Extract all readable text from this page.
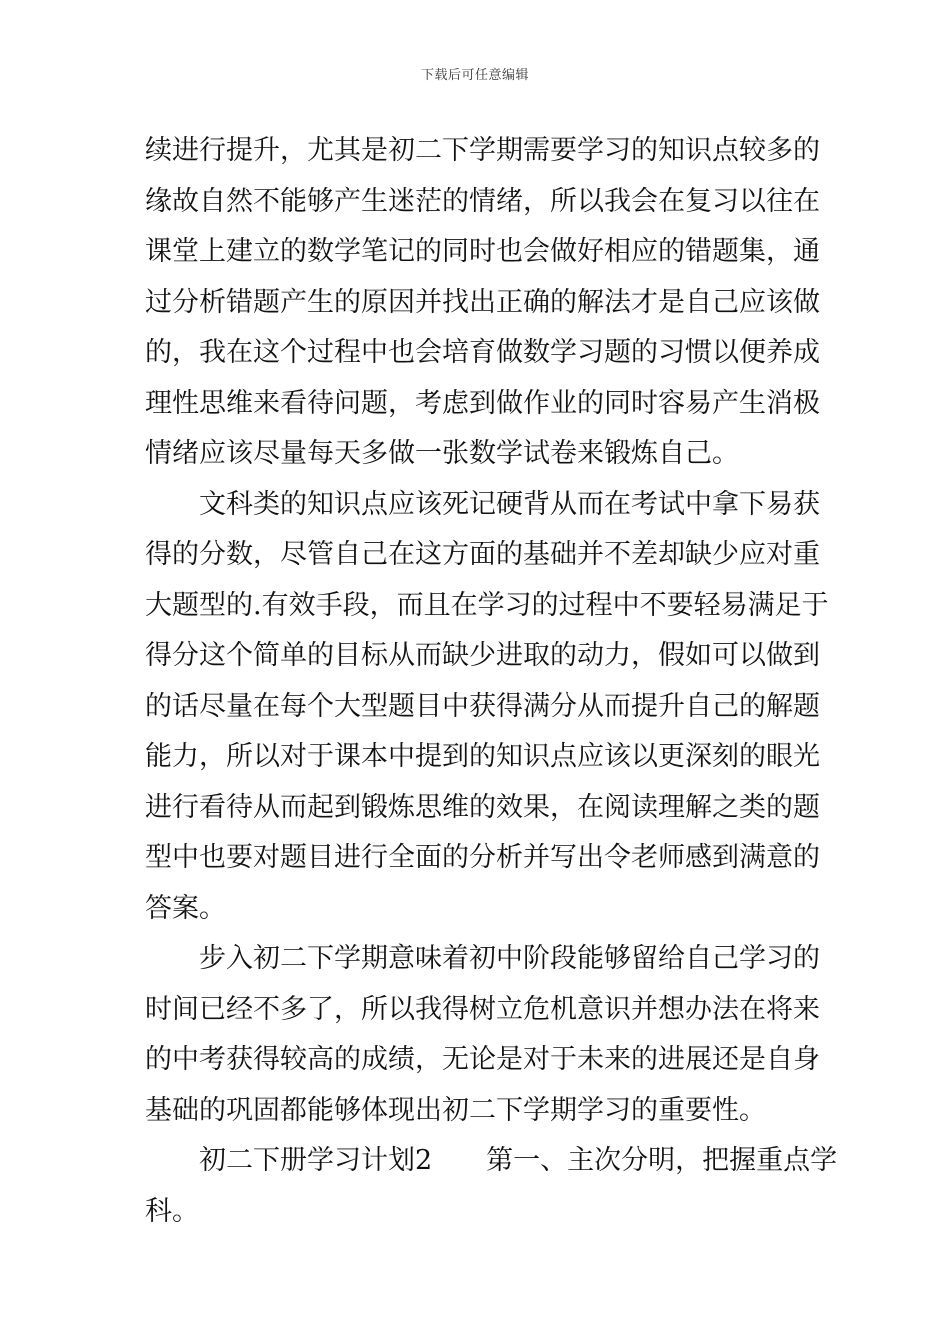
下载后可任意编辑
续进行提升，尤其是初二下学期需要学习的知识点较多的
缘故自然不能够产生迷茫的情绪，所以我会在复习以往在
课堂上建立的数学笔记的同时也会做好相应的错题集，通
过分析错题产生的原因并找出正确的解法才是自己应该做
的，我在这个过程中也会培育做数学习题的习惯以便养成
理性思维来看待问题，考虑到做作业的同时容易产生消极
情绪应该尽量每天多做一张数学试卷来锻炼自己。
文科类的知识点应该死记硬背从而在考试中拿下易获
得的分数，尽管自己在这方面的基础并不差却缺少应对重
大题型的.有效手段，而且在学习的过程中不要轻易满足于
得分这个简单的目标从而缺少进取的动力，假如可以做到
的话尽量在每个大型题目中获得满分从而提升自己的解题
能力，所以对于课本中提到的知识点应该以更深刻的眼光
进行看待从而起到锻炼思维的效果，在阅读理解之类的题
型中也要对题目进行全面的分析并写出令老师感到满意的
答案。
步入初二下学期意味着初中阶段能够留给自己学习的
时间已经不多了，所以我得树立危机意识并想办法在将来
的中考获得较高的成绩，无论是对于未来的进展还是自身
基础的巩固都能够体现出初二下学期学习的重要性。
初二下册学习计划2　　第一、主次分明，把握重点学
科。
